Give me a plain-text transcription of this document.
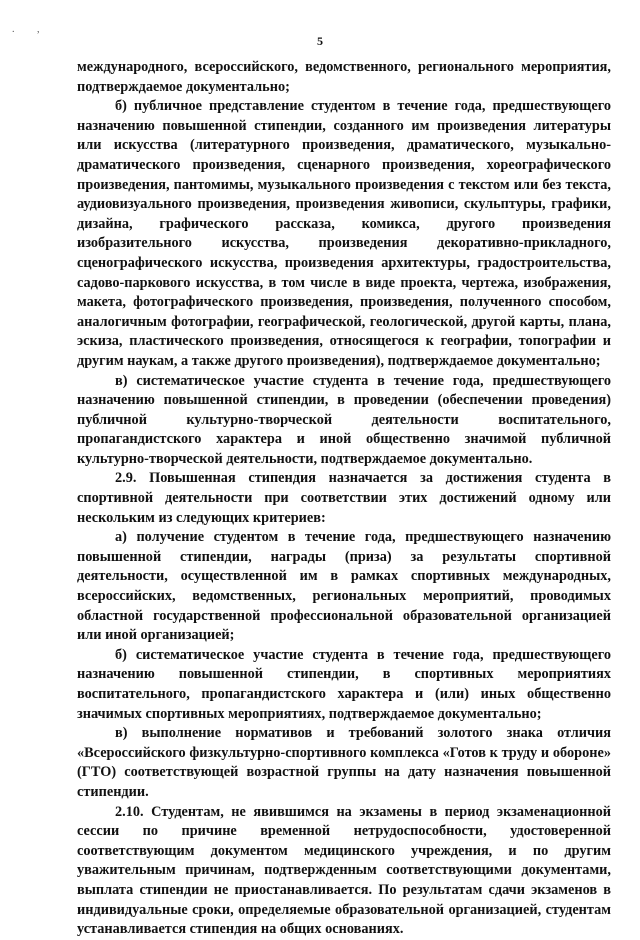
. ,
5

международного, всероссийского, ведомственного, регионального мероприятия, подтверждаемое документально;

б) публичное представление студентом в течение года, предшествующего назначению повышенной стипендии, созданного им произведения литературы или искусства (литературного произведения, драматического, музыкально-драматического произведения, сценарного произведения, хореографического произведения, пантомимы, музыкального произведения с текстом или без текста, аудиовизуального произведения, произведения живописи, скульптуры, графики, дизайна, графического рассказа, комикса, другого произведения изобразительного искусства, произведения декоративно-прикладного, сценографического искусства, произведения архитектуры, градостроительства, садово-паркового искусства, в том числе в виде проекта, чертежа, изображения, макета, фотографического произведения, произведения, полученного способом, аналогичным фотографии, географической, геологической, другой карты, плана, эскиза, пластического произведения, относящегося к географии, топографии и другим наукам, а также другого произведения), подтверждаемое документально;

в) систематическое участие студента в течение года, предшествующего назначению повышенной стипендии, в проведении (обеспечении проведения) публичной культурно-творческой деятельности воспитательного, пропагандистского характера и иной общественно значимой публичной культурно-творческой деятельности, подтверждаемое документально.

2.9. Повышенная стипендия назначается за достижения студента в спортивной деятельности при соответствии этих достижений одному или нескольким из следующих критериев:

а) получение студентом в течение года, предшествующего назначению повышенной стипендии, награды (приза) за результаты спортивной деятельности, осуществленной им в рамках спортивных международных, всероссийских, ведомственных, региональных мероприятий, проводимых областной государственной профессиональной образовательной организацией или иной организацией;

б) систематическое участие студента в течение года, предшествующего назначению повышенной стипендии, в спортивных мероприятиях воспитательного, пропагандистского характера и (или) иных общественно значимых спортивных мероприятиях, подтверждаемое документально;

в) выполнение нормативов и требований золотого знака отличия «Всероссийского физкультурно-спортивного комплекса «Готов к труду и обороне» (ГТО) соответствующей возрастной группы на дату назначения повышенной стипендии.

2.10. Студентам, не явившимся на экзамены в период экзаменационной сессии по причине временной нетрудоспособности, удостоверенной соответствующим документом медицинского учреждения, и по другим уважительным причинам, подтвержденным соответствующими документами, выплата стипендии не приостанавливается. По результатам сдачи экзаменов в индивидуальные сроки, определяемые образовательной организацией, студентам устанавливается стипендия на общих основаниях.
